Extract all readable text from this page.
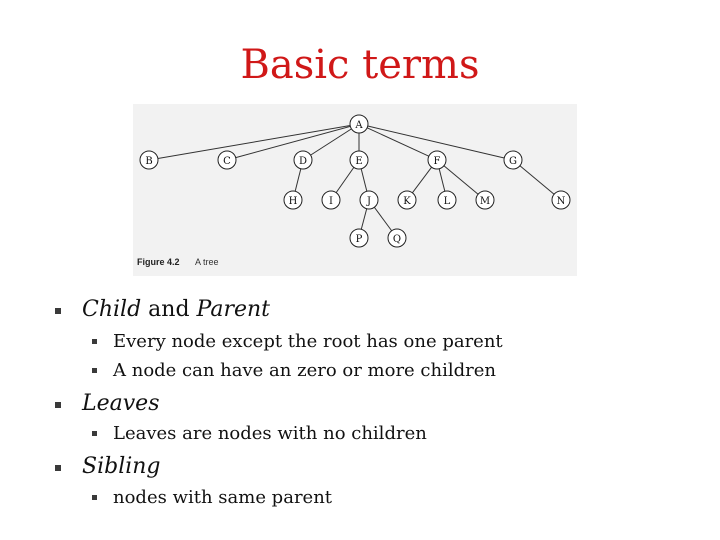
Basic terms
A
B	C	D	E	F	G
H	I	J	K	L	M	N
P	Q
Figure 4.2 A tree
Child and Parent
Every node except the root has one parent
A node can have an zero or more children
Leaves
Leaves are nodes with no children
Sibling
nodes with same parent
